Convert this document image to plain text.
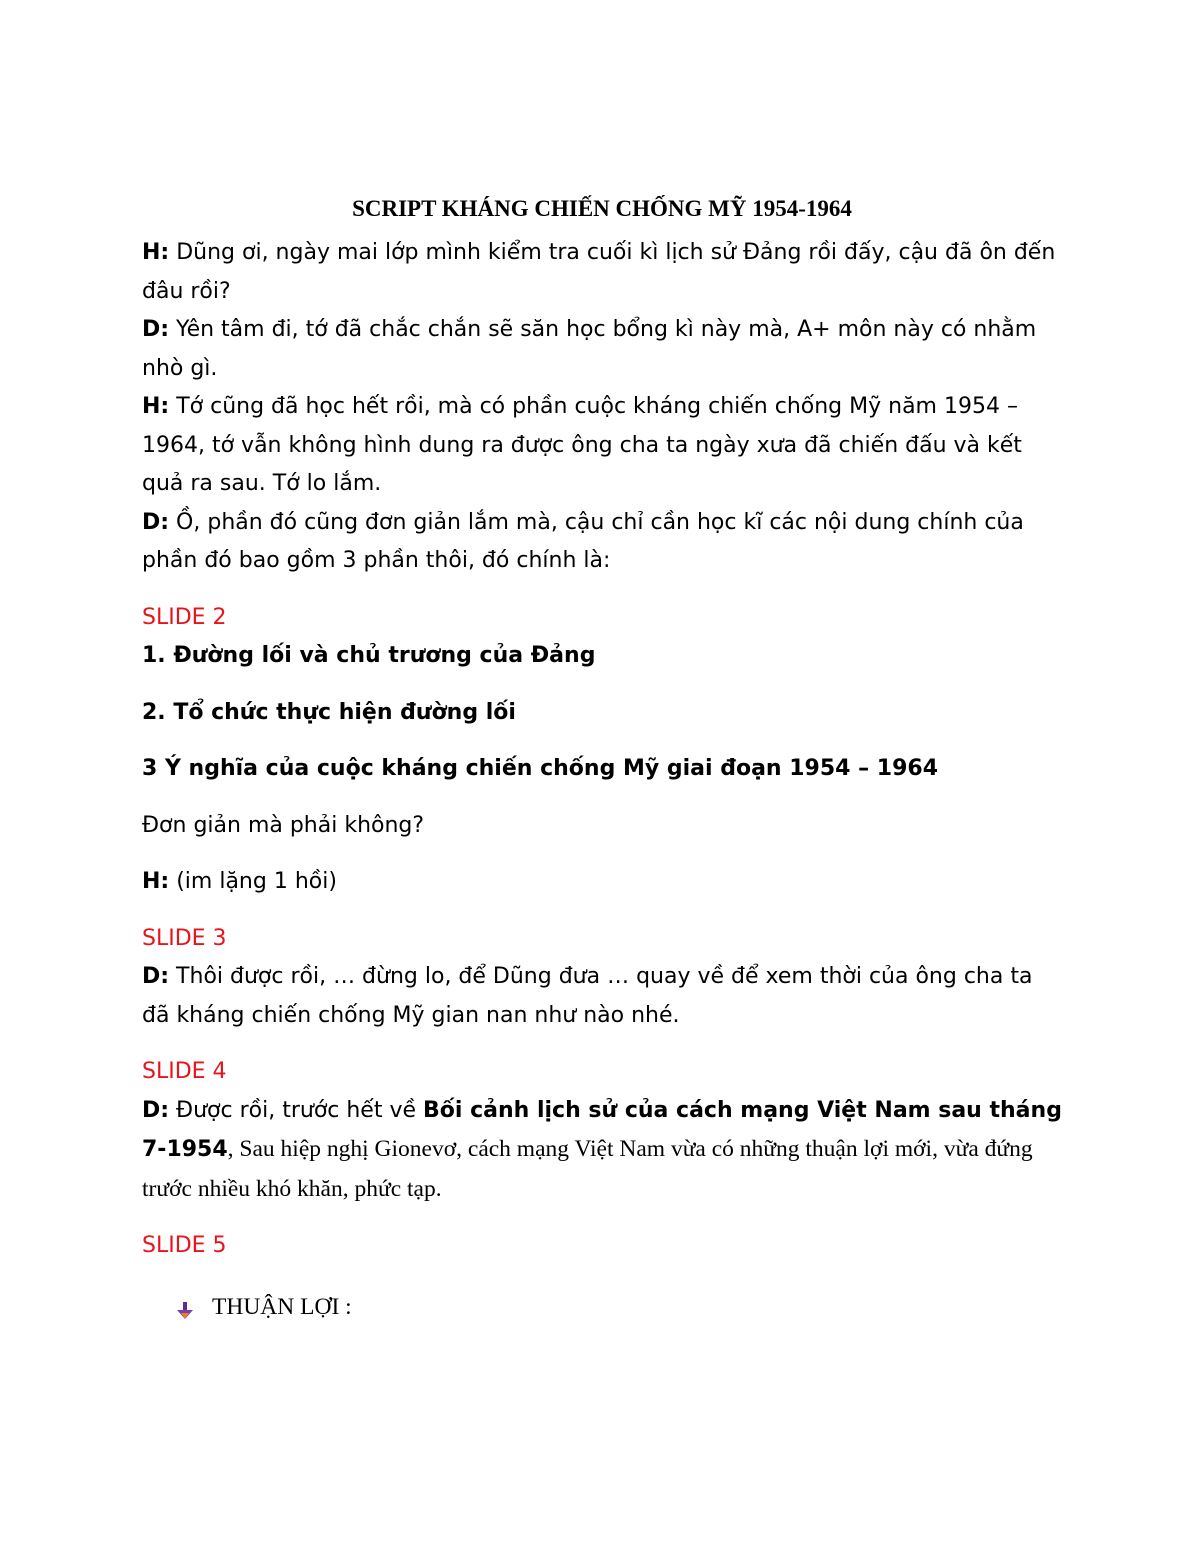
SCRIPT KHÁNG CHIẾN CHỐNG MỸ 1954-1964

H: Dũng ơi, ngày mai lớp mình kiểm tra cuối kì lịch sử Đảng rồi đấy, cậu đã ôn đến đâu rồi?

D: Yên tâm đi, tớ đã chắc chắn sẽ săn học bổng kì này mà, A+ môn này có nhằm nhò gì.

H: Tớ cũng đã học hết rồi, mà có phần cuộc kháng chiến chống Mỹ năm 1954 – 1964, tớ vẫn không hình dung ra được ông cha ta ngày xưa đã chiến đấu và kết quả ra sau. Tớ lo lắm.

D: Ồ, phần đó cũng đơn giản lắm mà, cậu chỉ cần học kĩ các nội dung chính của phần đó bao gồm 3 phần thôi, đó chính là:

SLIDE 2

1. Đường lối và chủ trương của Đảng

2. Tổ chức thực hiện đường lối

3 Ý nghĩa của cuộc kháng chiến chống Mỹ giai đoạn 1954 – 1964

Đơn giản mà phải không?

H: (im lặng 1 hồi)

SLIDE 3

D: Thôi được rồi, … đừng lo, để Dũng đưa … quay về để xem thời của ông cha ta đã kháng chiến chống Mỹ gian nan như nào nhé.

SLIDE 4

D: Được rồi, trước hết về Bối cảnh lịch sử của cách mạng Việt Nam sau tháng 7-1954, Sau hiệp nghị Gionevơ, cách mạng Việt Nam vừa có những thuận lợi mới, vừa đứng trước nhiều khó khăn, phức tạp.

SLIDE 5

THUẬN LỢI :
